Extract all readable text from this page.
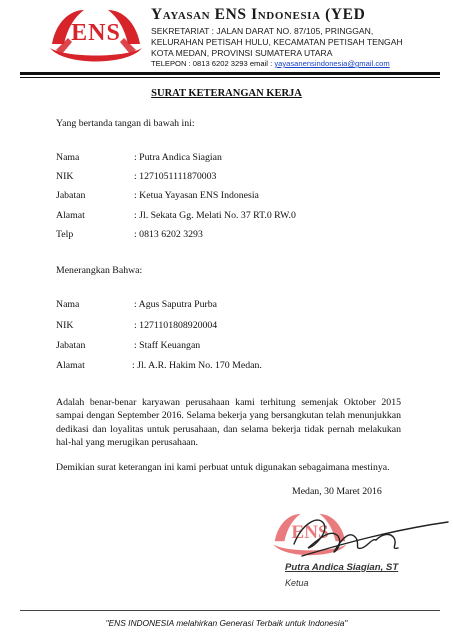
ENS
Yayasan ENS Indonesia (YED
SEKRETARIAT : JALAN DARAT NO. 87/105, PRINGGAN,
KELURAHAN PETISAH HULU, KECAMATAN PETISAH TENGAH
KOTA MEDAN, PROVINSI SUMATERA UTARA
TELEPON : 0813 6202 3293 email : yayasanensindonesia@gmail.com
SURAT KETERANGAN KERJA
Yang bertanda tangan di bawah ini:
Nama	: Putra Andica Siagian
NIK	: 1271051111870003
Jabatan	: Ketua Yayasan ENS Indonesia
Alamat	: Jl. Sekata Gg. Melati No. 37 RT.0 RW.0
Telp	: 0813 6202 3293
Menerangkan Bahwa:
Nama	: Agus Saputra Purba
NIK	: 1271101808920004
Jabatan	: Staff Keuangan
Alamat	: Jl. A.R. Hakim No. 170 Medan.
Adalah benar-benar karyawan perusahaan kami terhitung semenjak Oktober 2015 sampai dengan September 2016. Selama bekerja yang bersangkutan telah menunjukkan dedikasi dan loyalitas untuk perusahaan, dan selama bekerja tidak pernah melakukan hal-hal yang merugikan perusahaan.
Demikian surat keterangan ini kami perbuat untuk digunakan sebagaimana mestinya.
Medan, 30 Maret 2016
ENS
Putra Andica Siagian, ST
Ketua
"ENS INDONESIA melahirkan Generasi Terbaik untuk Indonesia"
